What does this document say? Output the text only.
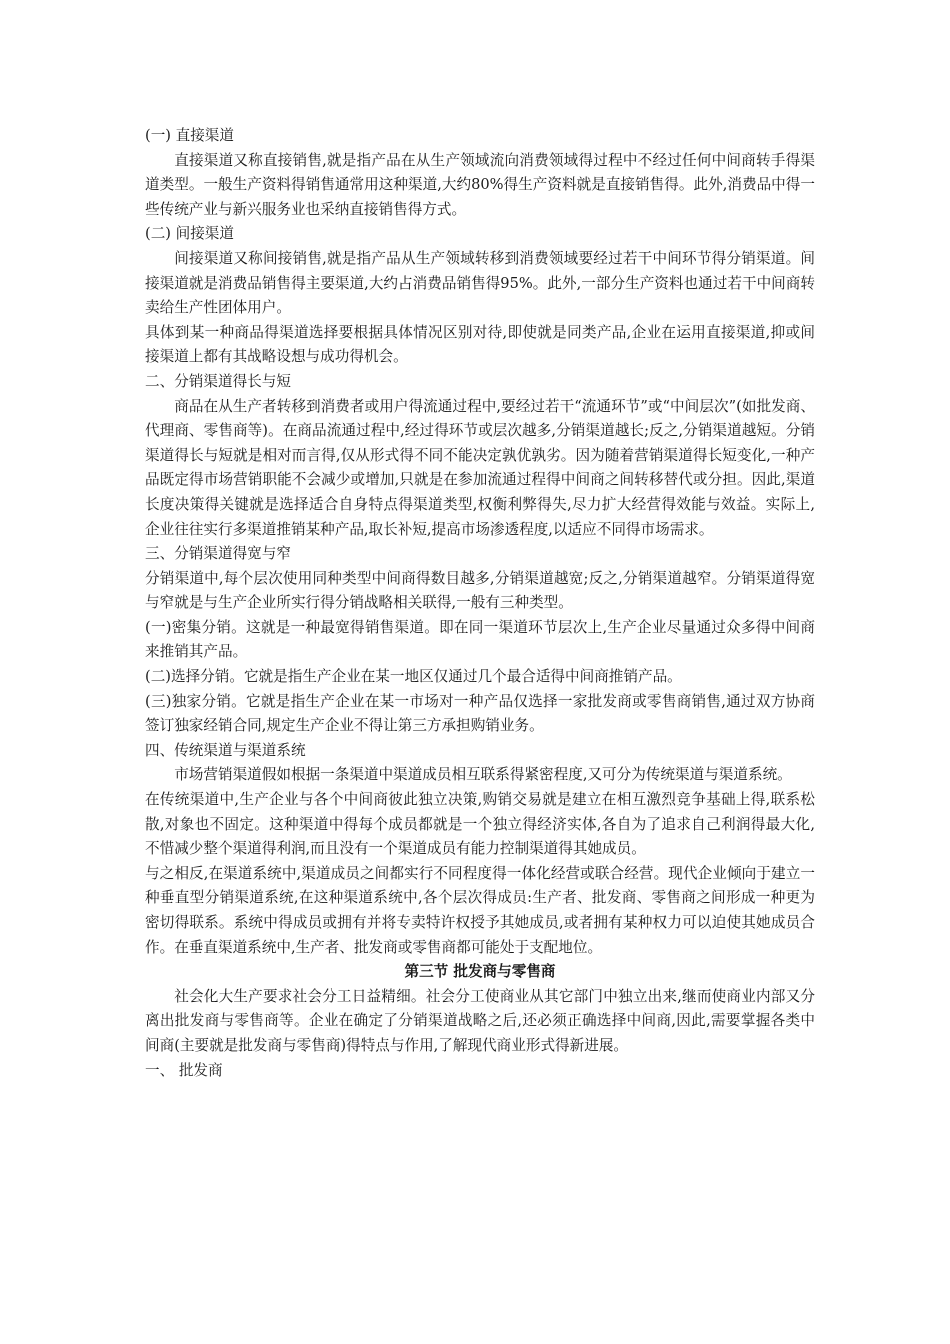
(一) 直接渠道

直接渠道又称直接销售,就是指产品在从生产领域流向消费领域得过程中不经过任何中间商转手得渠道类型。一般生产资料得销售通常用这种渠道,大约80%得生产资料就是直接销售得。此外,消费品中得一些传统产业与新兴服务业也采纳直接销售得方式。

(二) 间接渠道

间接渠道又称间接销售,就是指产品从生产领域转移到消费领域要经过若干中间环节得分销渠道。间接渠道就是消费品销售得主要渠道,大约占消费品销售得95%。此外,一部分生产资料也通过若干中间商转卖给生产性团体用户。

具体到某一种商品得渠道选择要根据具体情况区别对待,即使就是同类产品,企业在运用直接渠道,抑或间接渠道上都有其战略设想与成功得机会。

二、分销渠道得长与短

商品在从生产者转移到消费者或用户得流通过程中,要经过若干“流通环节”或“中间层次”(如批发商、代理商、零售商等)。在商品流通过程中,经过得环节或层次越多,分销渠道越长;反之,分销渠道越短。分销渠道得长与短就是相对而言得,仅从形式得不同不能决定孰优孰劣。因为随着营销渠道得长短变化,一种产品既定得市场营销职能不会减少或增加,只就是在参加流通过程得中间商之间转移替代或分担。因此,渠道长度决策得关键就是选择适合自身特点得渠道类型,权衡利弊得失,尽力扩大经营得效能与效益。实际上,企业往往实行多渠道推销某种产品,取长补短,提高市场渗透程度,以适应不同得市场需求。

三、分销渠道得宽与窄

分销渠道中,每个层次使用同种类型中间商得数目越多,分销渠道越宽;反之,分销渠道越窄。分销渠道得宽与窄就是与生产企业所实行得分销战略相关联得,一般有三种类型。

(一)密集分销。这就是一种最宽得销售渠道。即在同一渠道环节层次上,生产企业尽量通过众多得中间商来推销其产品。

(二)选择分销。它就是指生产企业在某一地区仅通过几个最合适得中间商推销产品。

(三)独家分销。它就是指生产企业在某一市场对一种产品仅选择一家批发商或零售商销售,通过双方协商签订独家经销合同,规定生产企业不得让第三方承担购销业务。

四、传统渠道与渠道系统

市场营销渠道假如根据一条渠道中渠道成员相互联系得紧密程度,又可分为传统渠道与渠道系统。

在传统渠道中,生产企业与各个中间商彼此独立决策,购销交易就是建立在相互激烈竞争基础上得,联系松散,对象也不固定。这种渠道中得每个成员都就是一个独立得经济实体,各自为了追求自己利润得最大化,不惜减少整个渠道得利润,而且没有一个渠道成员有能力控制渠道得其她成员。

与之相反,在渠道系统中,渠道成员之间都实行不同程度得一体化经营或联合经营。现代企业倾向于建立一种垂直型分销渠道系统,在这种渠道系统中,各个层次得成员:生产者、批发商、零售商之间形成一种更为密切得联系。系统中得成员或拥有并将专卖特许权授予其她成员,或者拥有某种权力可以迫使其她成员合作。在垂直渠道系统中,生产者、批发商或零售商都可能处于支配地位。

第三节 批发商与零售商

社会化大生产要求社会分工日益精细。社会分工使商业从其它部门中独立出来,继而使商业内部又分离出批发商与零售商等。企业在确定了分销渠道战略之后,还必须正确选择中间商,因此,需要掌握各类中间商(主要就是批发商与零售商)得特点与作用,了解现代商业形式得新进展。

一、 批发商
